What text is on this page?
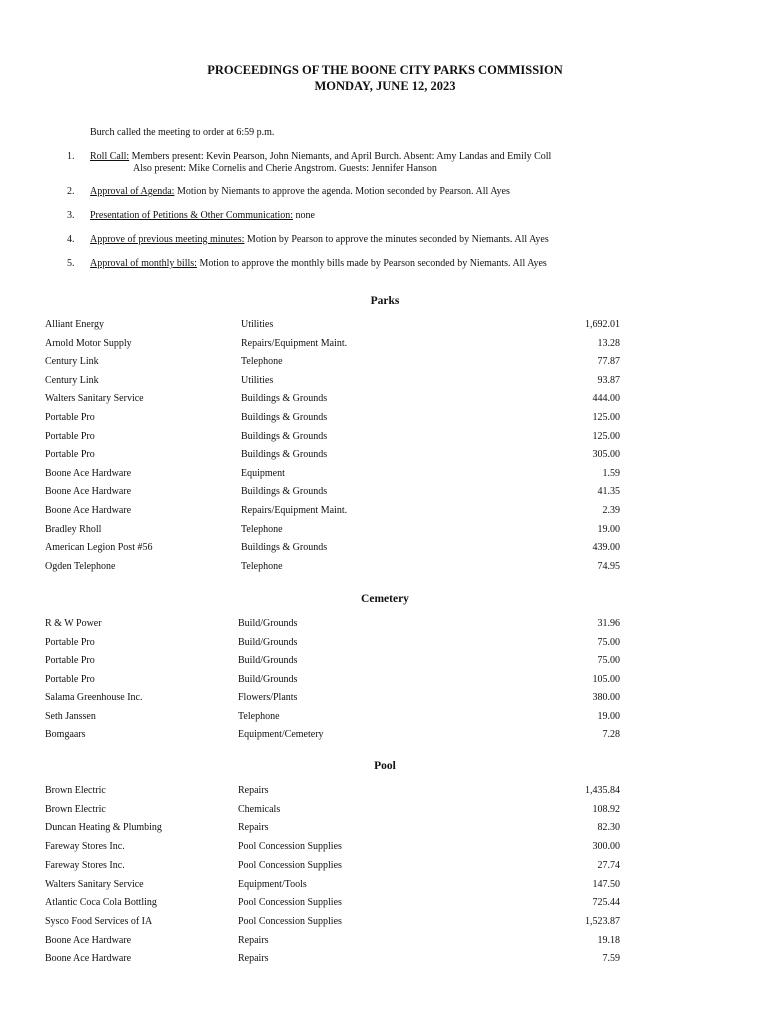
PROCEEDINGS OF THE BOONE CITY PARKS COMMISSION
MONDAY, JUNE 12, 2023
Burch called the meeting to order at 6:59 p.m.
1. Roll Call: Members present: Kevin Pearson, John Niemants, and April Burch. Absent: Amy Landas and Emily Coll
Also present: Mike Cornelis and Cherie Angstrom. Guests: Jennifer Hanson
2. Approval of Agenda: Motion by Niemants to approve the agenda. Motion seconded by Pearson. All Ayes
3. Presentation of Petitions & Other Communication: none
4. Approve of previous meeting minutes: Motion by Pearson to approve the minutes seconded by Niemants. All Ayes
5. Approval of monthly bills: Motion to approve the monthly bills made by Pearson seconded by Niemants. All Ayes
Parks
Alliant Energy	Utilities	1,692.01
Arnold Motor Supply	Repairs/Equipment Maint.	13.28
Century Link	Telephone	77.87
Century Link	Utilities	93.87
Walters Sanitary Service	Buildings & Grounds	444.00
Portable Pro	Buildings & Grounds	125.00
Portable Pro	Buildings & Grounds	125.00
Portable Pro	Buildings & Grounds	305.00
Boone Ace Hardware	Equipment	1.59
Boone Ace Hardware	Buildings & Grounds	41.35
Boone Ace Hardware	Repairs/Equipment Maint.	2.39
Bradley Rholl	Telephone	19.00
American Legion Post #56	Buildings & Grounds	439.00
Ogden Telephone	Telephone	74.95
Cemetery
R & W Power	Build/Grounds	31.96
Portable Pro	Build/Grounds	75.00
Portable Pro	Build/Grounds	75.00
Portable Pro	Build/Grounds	105.00
Salama Greenhouse Inc.	Flowers/Plants	380.00
Seth Janssen	Telephone	19.00
Bomgaars	Equipment/Cemetery	7.28
Pool
Brown Electric	Repairs	1,435.84
Brown Electric	Chemicals	108.92
Duncan Heating & Plumbing	Repairs	82.30
Fareway Stores Inc.	Pool Concession Supplies	300.00
Fareway Stores Inc.	Pool Concession Supplies	27.74
Walters Sanitary Service	Equipment/Tools	147.50
Atlantic Coca Cola Bottling	Pool Concession Supplies	725.44
Sysco Food Services of IA	Pool Concession Supplies	1,523.87
Boone Ace Hardware	Repairs	19.18
Boone Ace Hardware	Repairs	7.59
